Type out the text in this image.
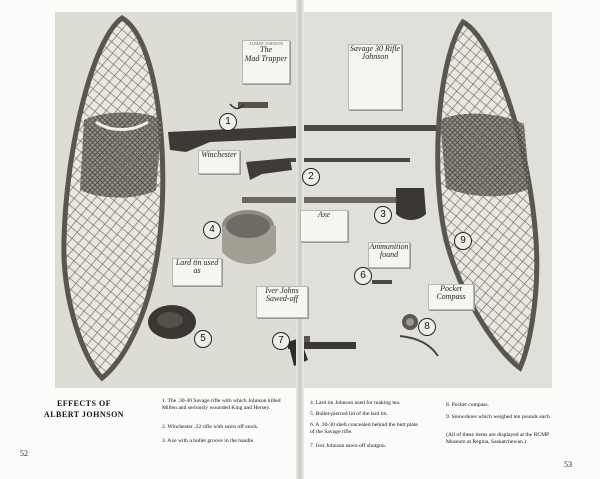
ALBERT JOHNSON
The
Mad Trapper
Savage 30 Rifle
Johnson
Winchester
Axe
Lard tin used as
Ammunition found
Iver Johns
Sawed-off
Pocket
Compass
1
2
3
4
5
6
7
8
9
EFFECTS OF
ALBERT JOHNSON
1. The .30-30 Savage rifle with which Johnson killed Millen and seriously wounded King and Hersey.
2. Winchester .22 rifle with sawn off stock.
3. Axe with a bullet groove in the handle.
4. Lard tin Johnson used for making tea.
5. Bullet-pierced lid of the lard tin.
6. A .30-30 shell concealed behind the butt plate of the Savage rifle.
7. Iver Johnson sawn-off shotgun.
8. Pocket compass.
9. Snowshoes which weighed ten pounds each.
(All of these items are displayed at the RCMP Museum at Regina, Saskatchewan.)
52
53
